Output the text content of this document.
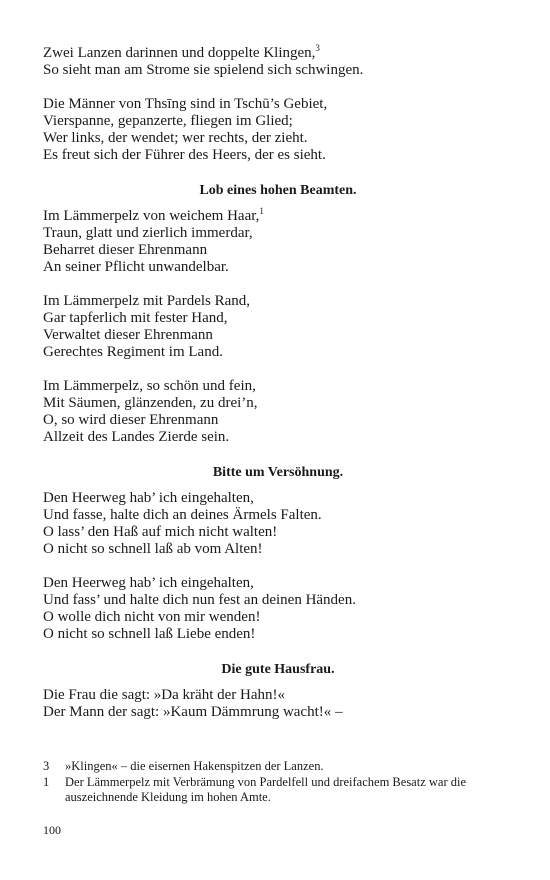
Zwei Lanzen darinnen und doppelte Klingen,$^3$
So sieht man am Strome sie spielend sich schwingen.
Die Männer von Thsīng sind in Tschū’s Gebiet,
Vierspanne, gepanzerte, fliegen im Glied;
Wer links, der wendet; wer rechts, der zieht.
Es freut sich der Führer des Heers, der es sieht.
Lob eines hohen Beamten.
Im Lämmerpelz von weichem Haar,$^1$
Traun, glatt und zierlich immerdar,
Beharret dieser Ehrenmann
An seiner Pflicht unwandelbar.
Im Lämmerpelz mit Pardels Rand,
Gar tapferlich mit fester Hand,
Verwaltet dieser Ehrenmann
Gerechtes Regiment im Land.
Im Lämmerpelz, so schön und fein,
Mit Säumen, glänzenden, zu drei’n,
O, so wird dieser Ehrenmann
Allzeit des Landes Zierde sein.
Bitte um Versöhnung.
Den Heerweg hab’ ich eingehalten,
Und fasse, halte dich an deines Ärmels Falten.
O lass’ den Haß auf mich nicht walten!
O nicht so schnell laß ab vom Alten!
Den Heerweg hab’ ich eingehalten,
Und fass’ und halte dich nun fest an deinen Händen.
O wolle dich nicht von mir wenden!
O nicht so schnell laß Liebe enden!
Die gute Hausfrau.
Die Frau die sagt: »Da kräht der Hahn!«
Der Mann der sagt: »Kaum Dämmrung wacht!« –
3	»Klingen« – die eisernen Hakenspitzen der Lanzen.
1	Der Lämmerpelz mit Verbrämung von Pardelfell und dreifachem Besatz war die auszeichnende Kleidung im hohen Amte.
100
